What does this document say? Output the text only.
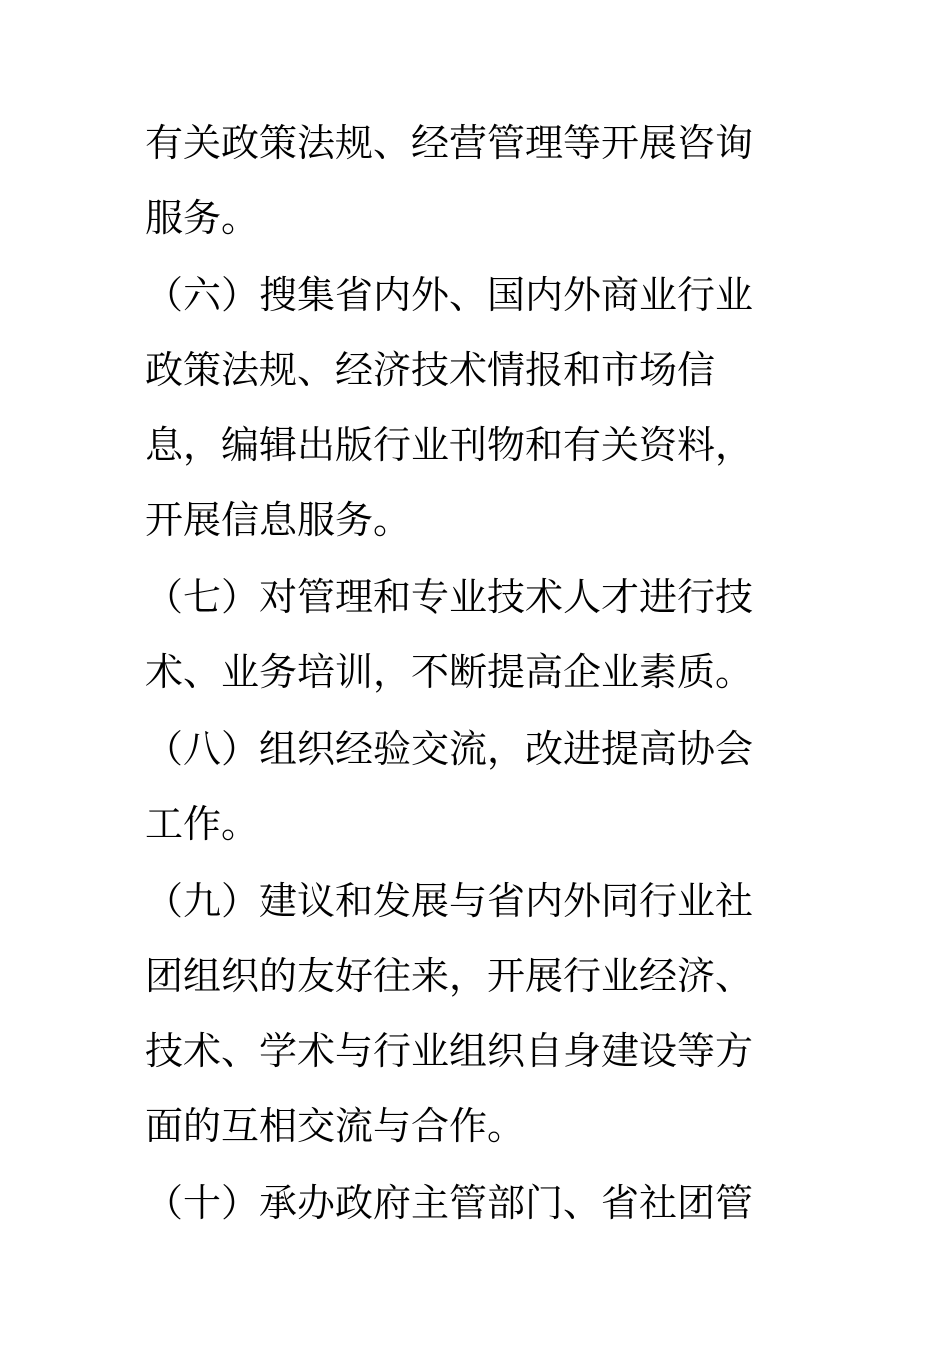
有关政策法规、经营管理等开展咨询
服务。
（六）搜集省内外、国内外商业行业
政策法规、经济技术情报和市场信
息，编辑出版行业刊物和有关资料，
开展信息服务。
（七）对管理和专业技术人才进行技
术、业务培训，不断提高企业素质。
（八）组织经验交流，改进提高协会
工作。
（九）建议和发展与省内外同行业社
团组织的友好往来，开展行业经济、
技术、学术与行业组织自身建设等方
面的互相交流与合作。
（十）承办政府主管部门、省社团管
